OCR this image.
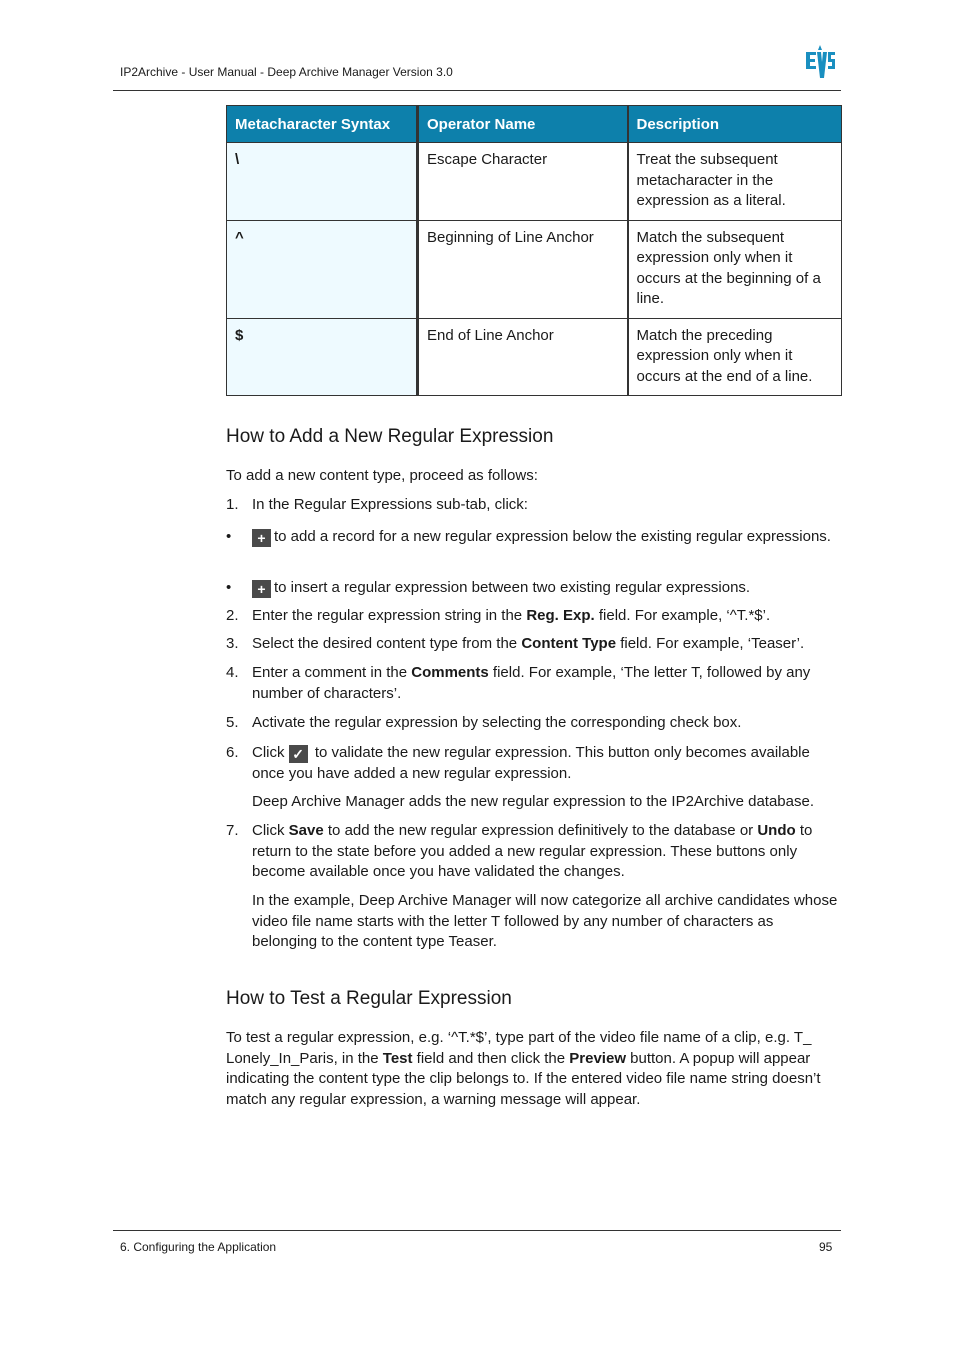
IP2Archive - User Manual - Deep Archive Manager Version 3.0
Metacharacter Syntax	Operator Name	Description
\	Escape Character	Treat the subsequent metacharacter in the expression as a literal.
^	Beginning of Line Anchor	Match the subsequent expression only when it occurs at the beginning of a line.
$	End of Line Anchor	Match the preceding expression only when it occurs at the end of a line.
How to Add a New Regular Expression
To add a new content type, proceed as follows:
1. In the Regular Expressions sub-tab, click:
•	+ to add a record for a new regular expression below the existing regular expressions.
•	+ to insert a regular expression between two existing regular expressions.
2. Enter the regular expression string in the Reg. Exp. field. For example, ‘^T.*$’.
3. Select the desired content type from the Content Type field. For example, ‘Teaser’.
4. Enter a comment in the Comments field. For example, ‘The letter T, followed by any number of characters’.
5. Activate the regular expression by selecting the corresponding check box.
6. Click ✓ to validate the new regular expression. This button only becomes available once you have added a new regular expression.
Deep Archive Manager adds the new regular expression to the IP2Archive database.
7. Click Save to add the new regular expression definitively to the database or Undo to return to the state before you added a new regular expression. These buttons only become available once you have validated the changes.
In the example, Deep Archive Manager will now categorize all archive candidates whose video file name starts with the letter T followed by any number of characters as belonging to the content type Teaser.
How to Test a Regular Expression
To test a regular expression, e.g. ‘^T.*$’, type part of the video file name of a clip, e.g. T_ Lonely_In_Paris, in the Test field and then click the Preview button. A popup will appear indicating the content type the clip belongs to. If the entered video file name string doesn’t match any regular expression, a warning message will appear.
6. Configuring the Application	95
